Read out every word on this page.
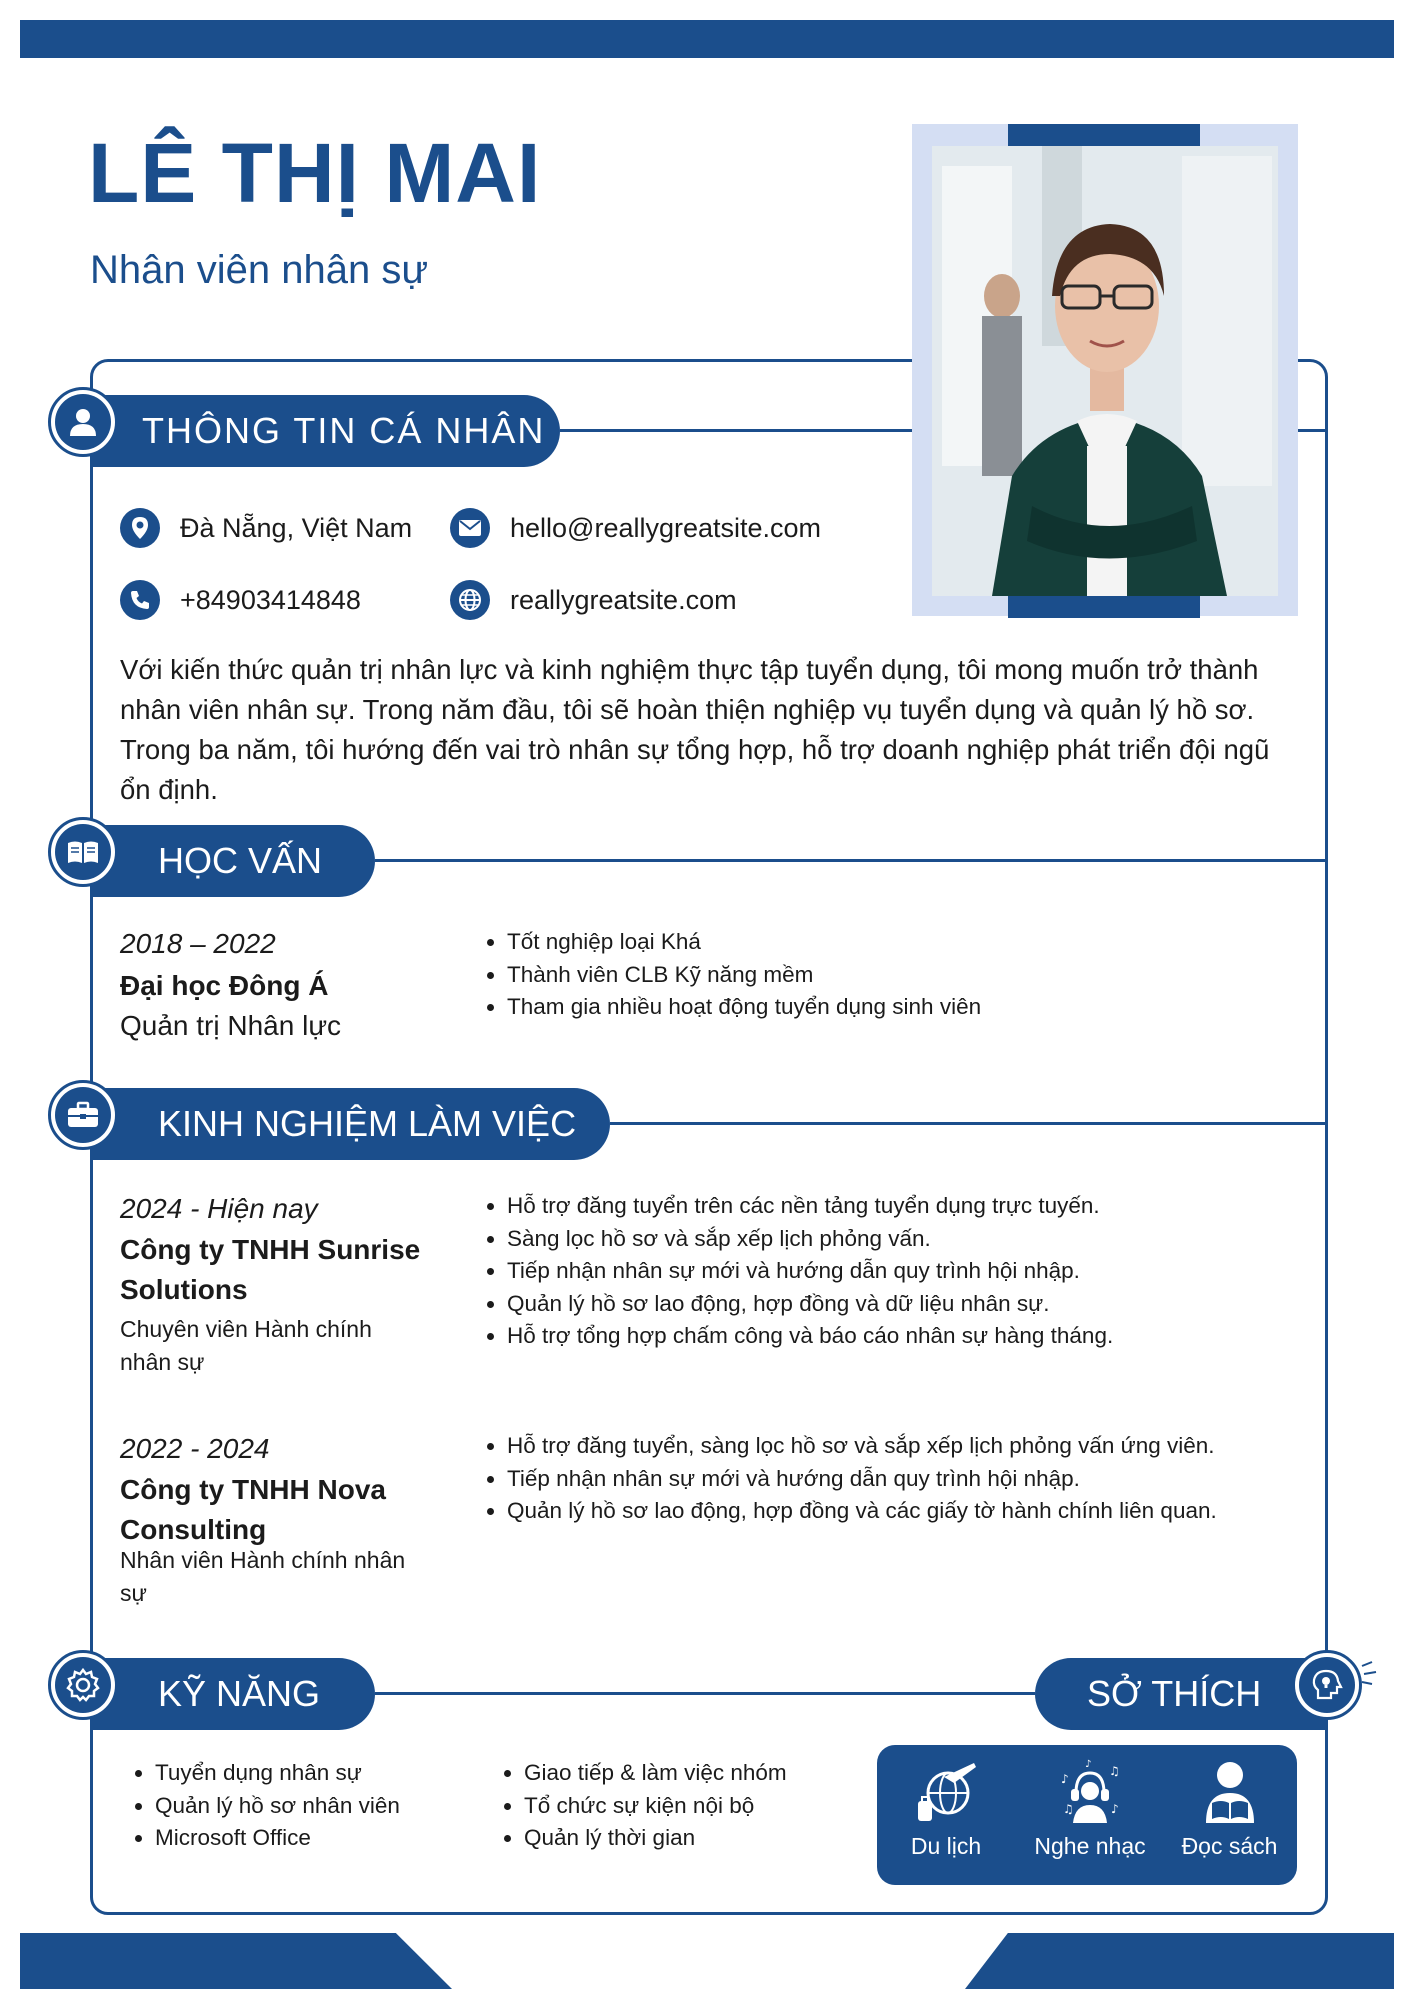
LÊ THỊ MAI
Nhân viên nhân sự
THÔNG TIN CÁ NHÂN
Đà Nẵng, Việt Nam	hello@reallygreatsite.com
+84903414848	reallygreatsite.com
Với kiến thức quản trị nhân lực và kinh nghiệm thực tập tuyển dụng, tôi mong muốn trở thành nhân viên nhân sự. Trong năm đầu, tôi sẽ hoàn thiện nghiệp vụ tuyển dụng và quản lý hồ sơ. Trong ba năm, tôi hướng đến vai trò nhân sự tổng hợp, hỗ trợ doanh nghiệp phát triển đội ngũ ổn định.
HỌC VẤN
2018 – 2022
Đại học Đông Á
Quản trị Nhân lực
Tốt nghiệp loại Khá
Thành viên CLB Kỹ năng mềm
Tham gia nhiều hoạt động tuyển dụng sinh viên
KINH NGHIỆM LÀM VIỆC
2024 - Hiện nay
Công ty TNHH Sunrise
Solutions
Chuyên viên Hành chính
nhân sự
Hỗ trợ đăng tuyển trên các nền tảng tuyển dụng trực tuyến.
Sàng lọc hồ sơ và sắp xếp lịch phỏng vấn.
Tiếp nhận nhân sự mới và hướng dẫn quy trình hội nhập.
Quản lý hồ sơ lao động, hợp đồng và dữ liệu nhân sự.
Hỗ trợ tổng hợp chấm công và báo cáo nhân sự hàng tháng.
2022 - 2024
Công ty TNHH Nova
Consulting
Nhân viên Hành chính nhân
sự
Hỗ trợ đăng tuyển, sàng lọc hồ sơ và sắp xếp lịch phỏng vấn ứng viên.
Tiếp nhận nhân sự mới và hướng dẫn quy trình hội nhập.
Quản lý hồ sơ lao động, hợp đồng và các giấy tờ hành chính liên quan.
KỸ NĂNG
Tuyển dụng nhân sự
Quản lý hồ sơ nhân viên
Microsoft Office
Giao tiếp & làm việc nhóm
Tổ chức sự kiện nội bộ
Quản lý thời gian
SỞ THÍCH
Du lịch
♪
♫
♫	♪
♪
Nghe nhạc Đọc sách
